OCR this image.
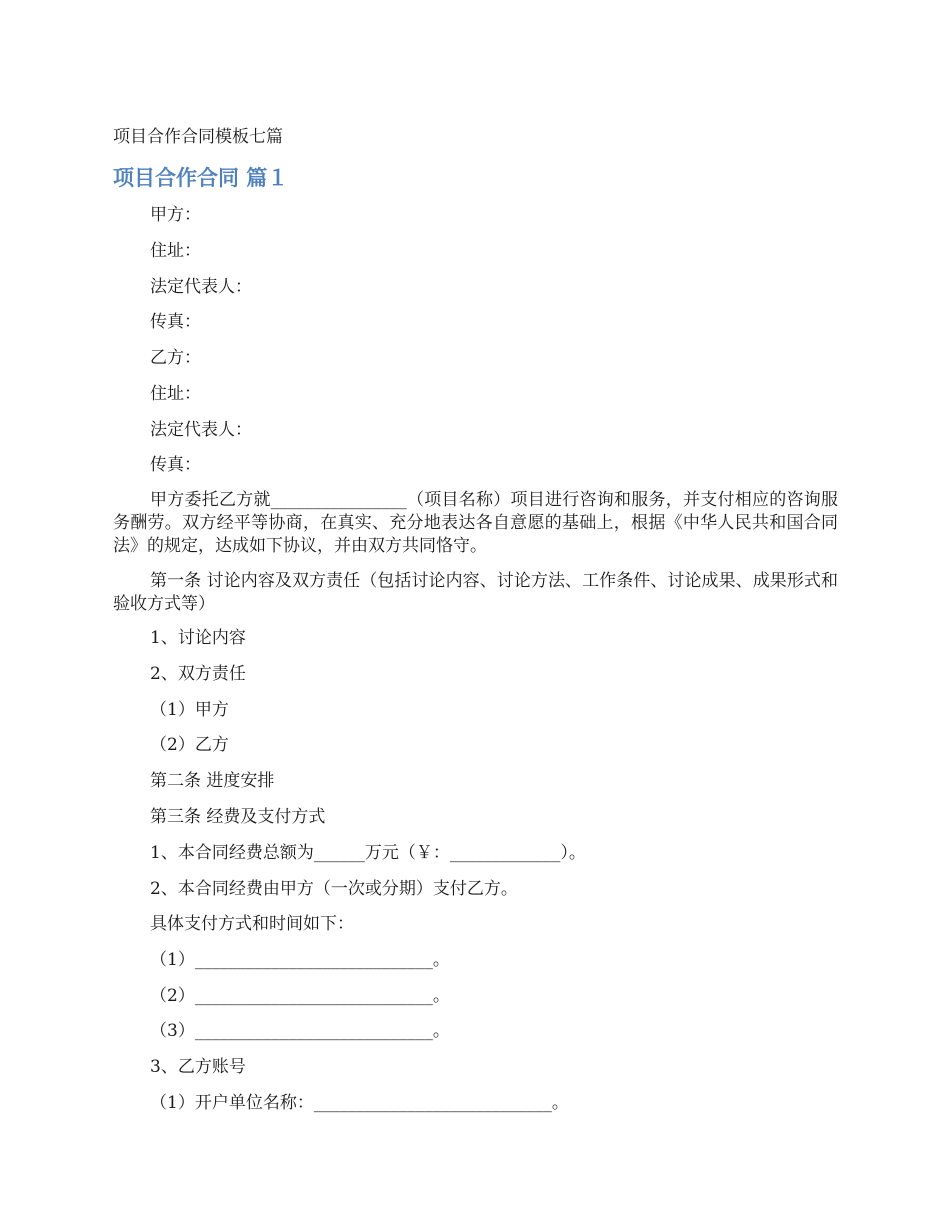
项目合作合同模板七篇
项目合作合同 篇１
甲方：
住址：
法定代表人：
传真：
乙方：
住址：
法定代表人：
传真：
甲方委托乙方就________________（项目名称）项目进行咨询和服务，并支付相应的咨询服务酬劳。双方经平等协商，在真实、充分地表达各自意愿的基础上，根据《中华人民共和国合同法》的规定，达成如下协议，并由双方共同恪守。
第一条 讨论内容及双方责任（包括讨论内容、讨论方法、工作条件、讨论成果、成果形式和验收方式等）
1、讨论内容
2、双方责任
（1）甲方
（2）乙方
第二条 进度安排
第三条 经费及支付方式
1、本合同经费总额为______万元（￥：_____________）。
2、本合同经费由甲方（一次或分期）支付乙方。
具体支付方式和时间如下：
（1）____________________________。
（2）____________________________。
（3）____________________________。
3、乙方账号
（1）开户单位名称：____________________________。
